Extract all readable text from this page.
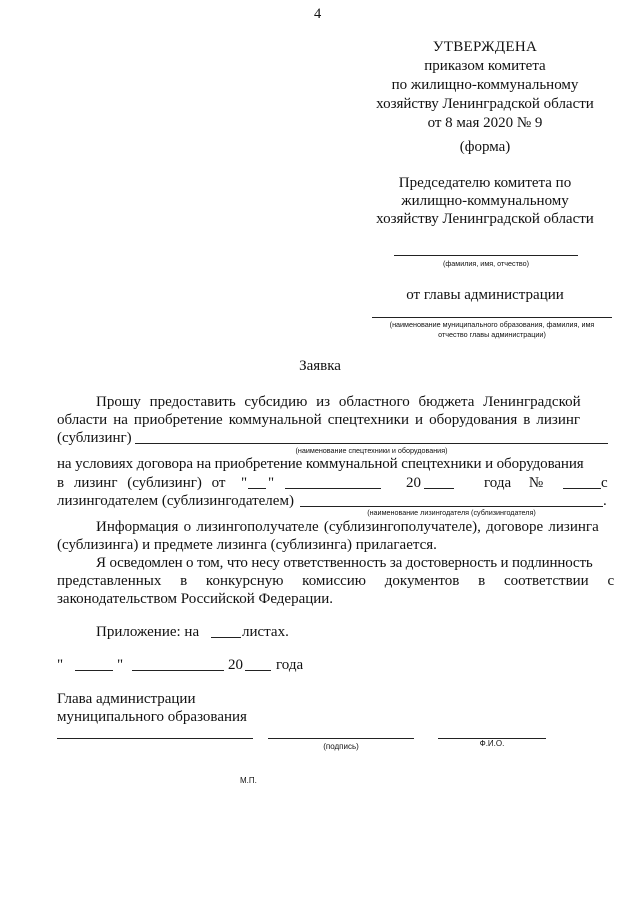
4
УТВЕРЖДЕНА
приказом комитета
по жилищно-коммунальному
хозяйству Ленинградской области
от 8 мая 2020 № 9
(форма)
Председателю комитета по
жилищно-коммунальному
хозяйству Ленинградской области
(фамилия, имя, отчество)
от главы администрации
(наименование муниципального образования, фамилия, имя
отчество главы администрации)
Заявка
Прошу предоставить субсидию из областного бюджета Ленинградской
области на приобретение коммунальной спецтехники и оборудования в лизинг
(сублизинг)
(наименование спецтехники и оборудования)
на условиях договора на приобретение коммунальной спецтехники и оборудования
в лизинг (сублизинг) от " "	20	года №	с
лизингодателем (сублизингодателем)	.
(наименование лизингодателя (сублизингодателя)
Информация о лизингополучателе (сублизингополучателе), договоре лизинга
(сублизинга) и предмете лизинга (сублизинга) прилагается.
Я осведомлен о том, что несу ответственность за достоверность и подлинность
представленных в конкурсную комиссию документов в соответствии с
законодательством Российской Федерации.
Приложение: на	листах.
"	"	20 года
Глава администрации
муниципального образования
(подпись)	Ф.И.О.
М.П.
